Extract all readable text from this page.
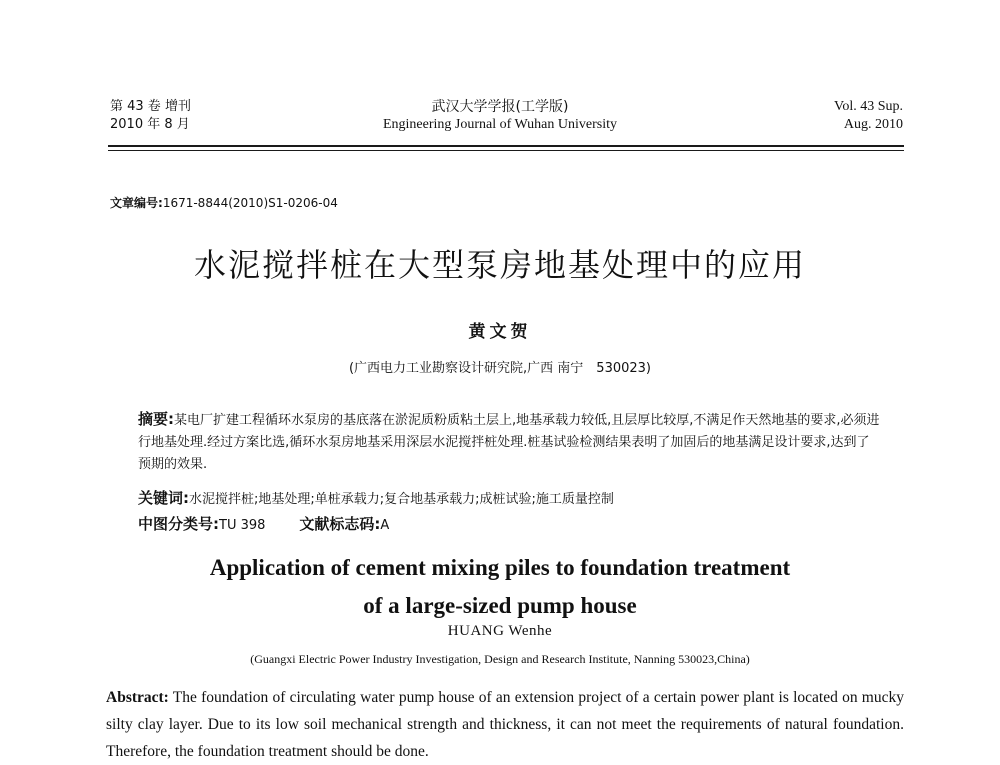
第 43 卷 增刊
2010 年 8 月
武汉大学学报(工学版)
Engineering Journal of Wuhan University
Vol. 43 Sup.
Aug. 2010
文章编号:1671-8844(2010)S1-0206-04
水泥搅拌桩在大型泵房地基处理中的应用
黄文贺
(广西电力工业勘察设计研究院,广西 南宁　530023)
摘要:某电厂扩建工程循环水泵房的基底落在淤泥质粉质粘土层上,地基承载力较低,且层厚比较厚,不满足作天然地基的要求,必须进行地基处理.经过方案比选,循环水泵房地基采用深层水泥搅拌桩处理.桩基试验检测结果表明了加固后的地基满足设计要求,达到了预期的效果.
关键词:水泥搅拌桩;地基处理;单桩承载力;复合地基承载力;成桩试验;施工质量控制
中图分类号:TU 398 文献标志码:A
Application of cement mixing piles to foundation treatment
of a large-sized pump house
HUANG Wenhe
(Guangxi Electric Power Industry Investigation, Design and Research Institute, Nanning 530023,China)
Abstract: The foundation of circulating water pump house of an extension project of a certain power plant is located on mucky silty clay layer. Due to its low soil mechanical strength and thickness, it can not meet the requirements of natural foundation. Therefore, the foundation treatment should be done.
